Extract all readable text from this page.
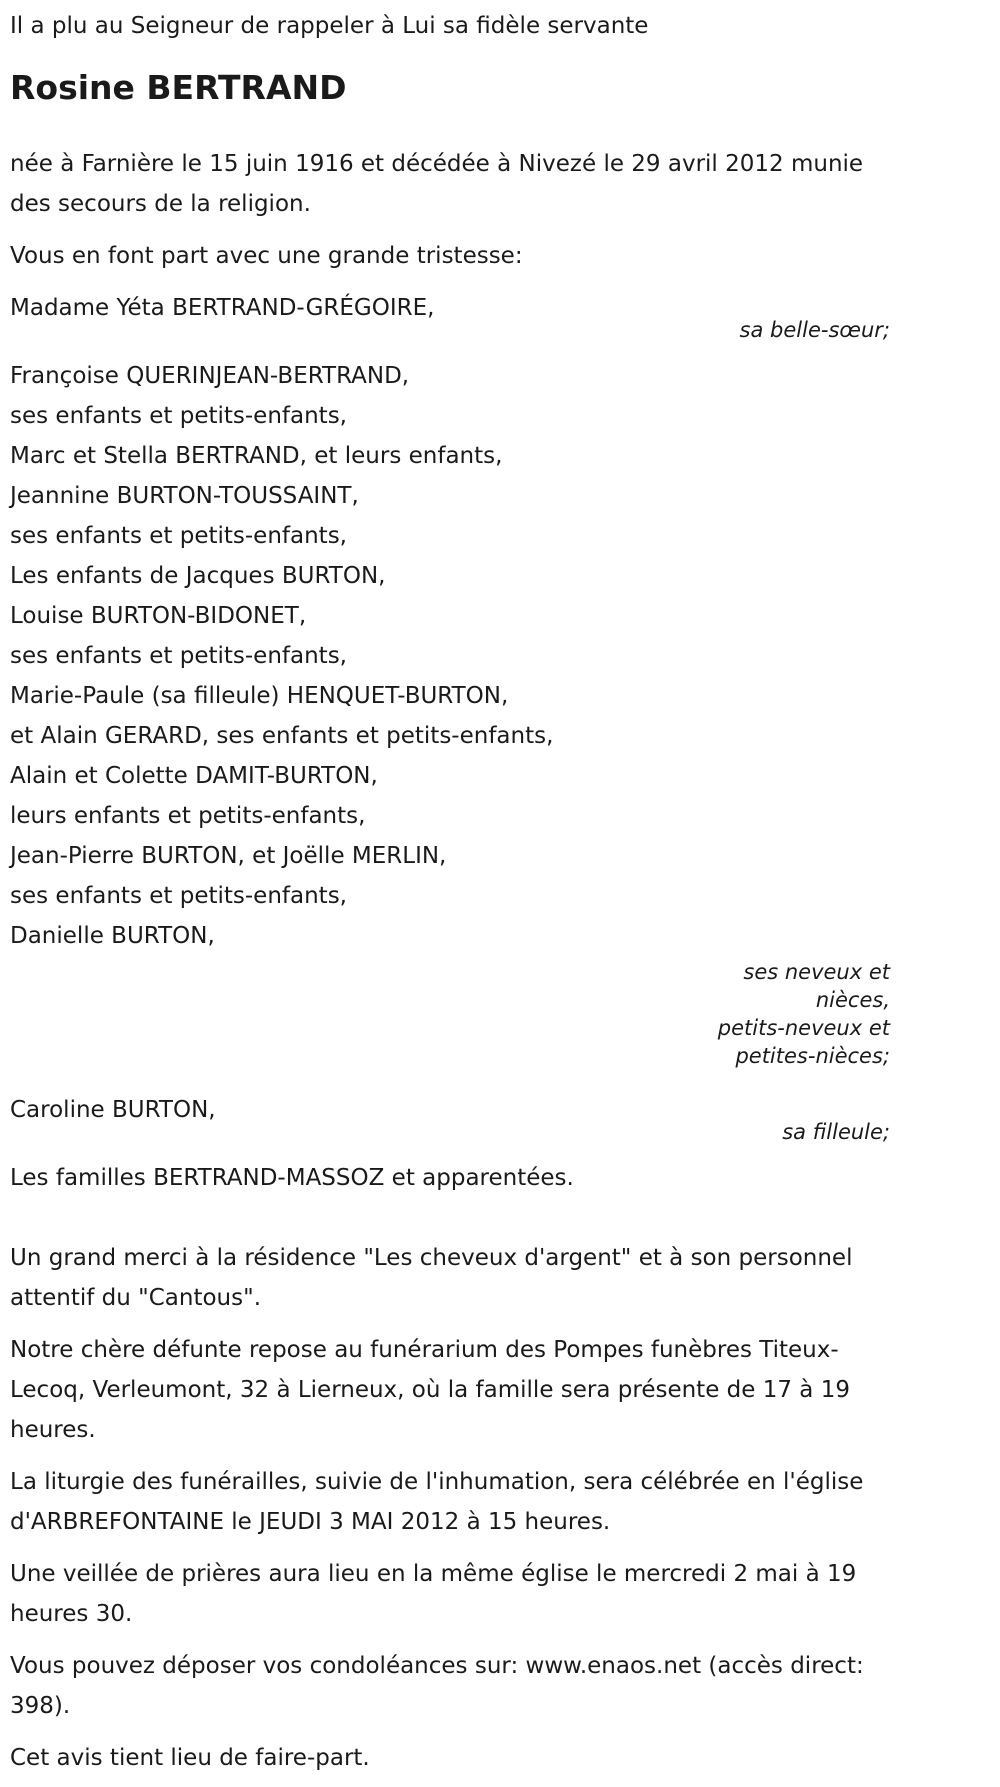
Il a plu au Seigneur de rappeler à Lui sa fidèle servante

Rosine BERTRAND

née à Farnière le 15 juin 1916 et décédée à Nivezé le 29 avril 2012 munie des secours de la religion.

Vous en font part avec une grande tristesse:

Madame Yéta BERTRAND-GRÉGOIRE,

sa belle-sœur;

Françoise QUERINJEAN-BERTRAND,

ses enfants et petits-enfants,

Marc et Stella BERTRAND, et leurs enfants,

Jeannine BURTON-TOUSSAINT,

ses enfants et petits-enfants,

Les enfants de Jacques BURTON,

Louise BURTON-BIDONET,

ses enfants et petits-enfants,

Marie-Paule (sa filleule) HENQUET-BURTON,

et Alain GERARD, ses enfants et petits-enfants,

Alain et Colette DAMIT-BURTON,

leurs enfants et petits-enfants,

Jean-Pierre BURTON, et Joëlle MERLIN,

ses enfants et petits-enfants,

Danielle BURTON,

ses neveux et
nièces,
petits-neveux et
petites-nièces;

Caroline BURTON,

sa filleule;

Les familles BERTRAND-MASSOZ et apparentées.

Un grand merci à la résidence "Les cheveux d'argent" et à son personnel attentif du "Cantous".

Notre chère défunte repose au funérarium des Pompes funèbres Titeux-Lecoq, Verleumont, 32 à Lierneux, où la famille sera présente de 17 à 19 heures.

La liturgie des funérailles, suivie de l'inhumation, sera célébrée en l'église d'ARBREFONTAINE le JEUDI 3 MAI 2012 à 15 heures.

Une veillée de prières aura lieu en la même église le mercredi 2 mai à 19 heures 30.

Vous pouvez déposer vos condoléances sur: www.enaos.net (accès direct: 398).

Cet avis tient lieu de faire-part.
